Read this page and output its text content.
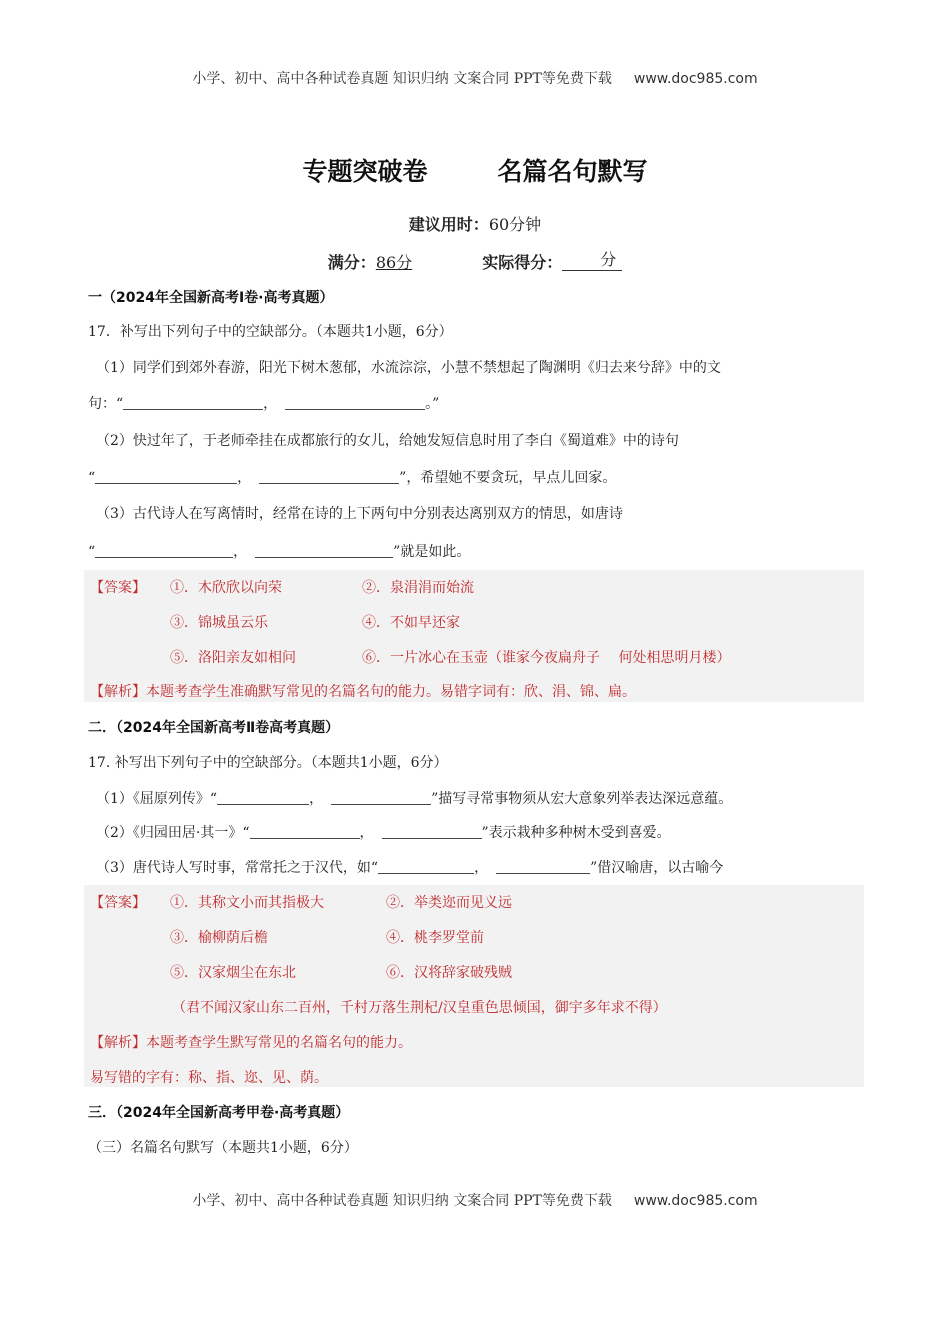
小学、初中、高中各种试卷真题 知识归纳 文案合同 PPT等免费下载 www.doc985.com
专题突破卷	名篇名句默写
建议用时：60分钟
满分：86分	实际得分： 分
一（2024年全国新高考Ⅰ卷·高考真题）
17．补写出下列句子中的空缺部分。（本题共1小题，6分）
（1）同学们到郊外春游，阳光下树木葱郁，水流淙淙，小慧不禁想起了陶渊明《归去来兮辞》中的文
句：“	，	。”
（2）快过年了，于老师牵挂在成都旅行的女儿，给她发短信息时用了李白《蜀道难》中的诗句
“	，	”，希望她不要贪玩，早点儿回家。
（3）古代诗人在写离情时，经常在诗的上下两句中分别表达离别双方的情思，如唐诗
“	，	”就是如此。
【答案】 ①．木欣欣以向荣	②．泉涓涓而始流
③．锦城虽云乐	④．不如早还家
⑤．洛阳亲友如相问	⑥．一片冰心在玉壶（谁家今夜扁舟子　 何处相思明月楼）
【解析】本题考查学生准确默写常见的名篇名句的能力。易错字词有：欣、涓、锦、扁。
二．（2024年全国新高考Ⅱ卷高考真题）
17. 补写出下列句子中的空缺部分。（本题共1小题，6分）
（1）《屈原列传》“	，	”描写寻常事物须从宏大意象列举表达深远意蕴。
（2）《归园田居·其一》“	，	”表示栽种多种树木受到喜爱。
（3）唐代诗人写时事，常常托之于汉代，如“	，	”借汉喻唐，以古喻今
【答案】 ①．其称文小而其指极大	②．举类迩而见义远
③．榆柳荫后檐	④．桃李罗堂前
⑤．汉家烟尘在东北	⑥．汉将辞家破残贼
（君不闻汉家山东二百州，千村万落生荆杞/汉皇重色思倾国，御宇多年求不得）
【解析】本题考查学生默写常见的名篇名句的能力。
易写错的字有：称、指、迩、见、荫。
三．（2024年全国新高考甲卷·高考真题）
（三）名篇名句默写（本题共1小题，6分）
小学、初中、高中各种试卷真题 知识归纳 文案合同 PPT等免费下载 www.doc985.com
